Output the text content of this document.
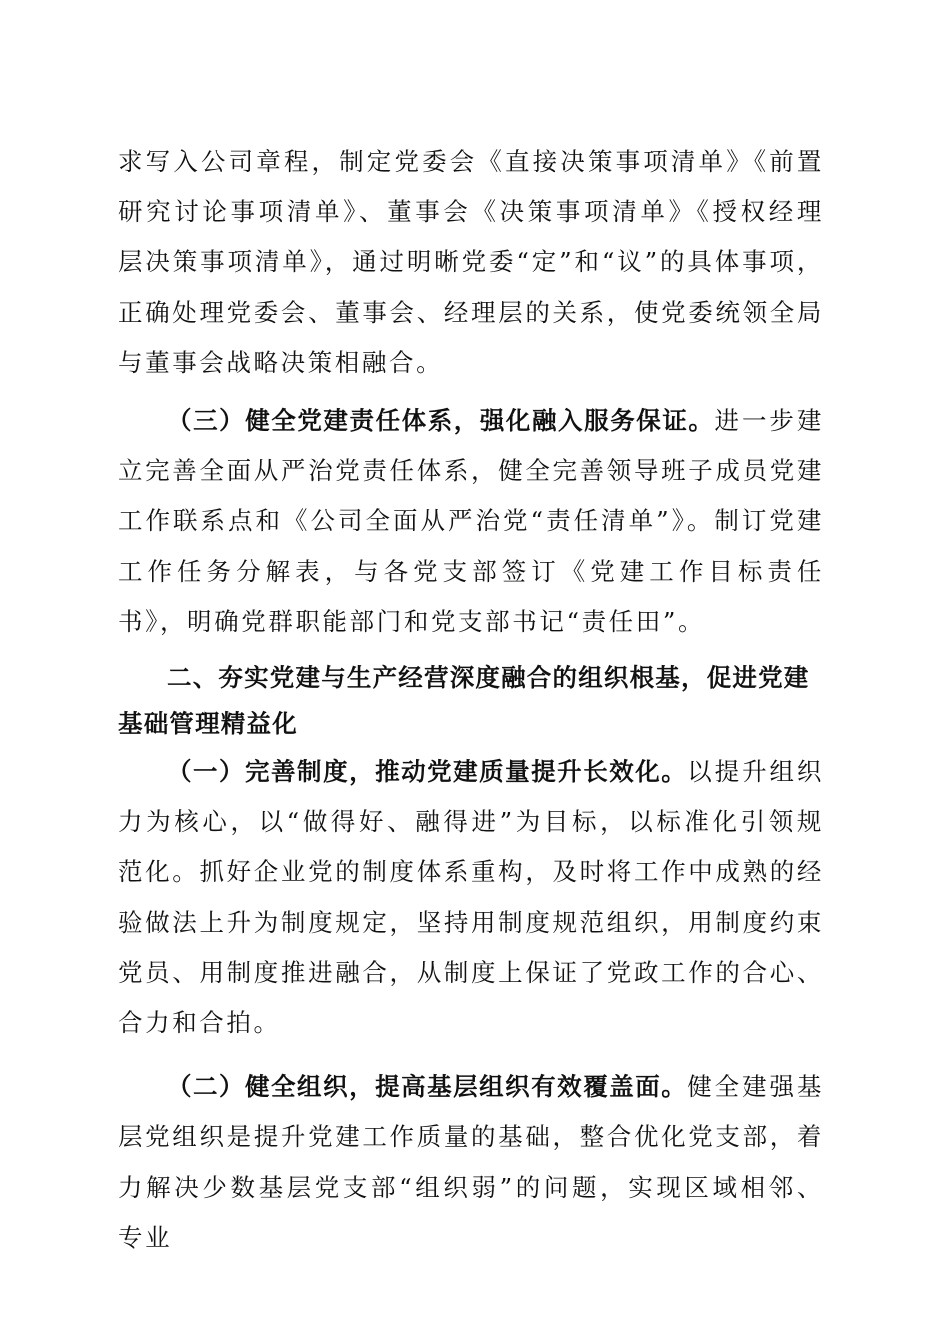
求写入公司章程，制定党委会《直接决策事项清单》《前置研究讨论事项清单》、董事会《决策事项清单》《授权经理层决策事项清单》，通过明晰党委“定”和“议”的具体事项，正确处理党委会、董事会、经理层的关系，使党委统领全局与董事会战略决策相融合。

（三）健全党建责任体系，强化融入服务保证。进一步建立完善全面从严治党责任体系，健全完善领导班子成员党建工作联系点和《公司全面从严治党“责任清单”》。制订党建工作任务分解表，与各党支部签订《党建工作目标责任书》，明确党群职能部门和党支部书记“责任田”。

二、夯实党建与生产经营深度融合的组织根基，促进党建基础管理精益化

（一）完善制度，推动党建质量提升长效化。以提升组织力为核心，以“做得好、融得进”为目标，以标准化引领规范化。抓好企业党的制度体系重构，及时将工作中成熟的经验做法上升为制度规定，坚持用制度规范组织，用制度约束党员、用制度推进融合，从制度上保证了党政工作的合心、合力和合拍。

（二）健全组织，提高基层组织有效覆盖面。健全建强基层党组织是提升党建工作质量的基础，整合优化党支部，着力解决少数基层党支部“组织弱”的问题，实现区域相邻、专业
